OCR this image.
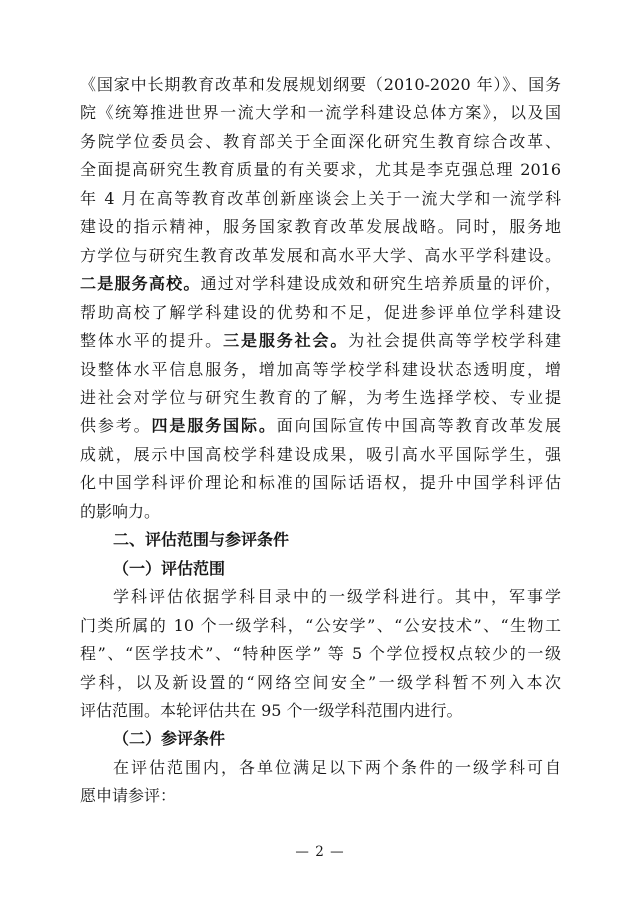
《国家中长期教育改革和发展规划纲要（2010-2020 年）》、国务
院《统筹推进世界一流大学和一流学科建设总体方案》，以及国
务院学位委员会、教育部关于全面深化研究生教育综合改革、
全面提高研究生教育质量的有关要求，尤其是李克强总理 2016
年 4 月在高等教育改革创新座谈会上关于一流大学和一流学科
建设的指示精神，服务国家教育改革发展战略。同时，服务地
方学位与研究生教育改革发展和高水平大学、高水平学科建设。
二是服务高校。通过对学科建设成效和研究生培养质量的评价，
帮助高校了解学科建设的优势和不足，促进参评单位学科建设
整体水平的提升。三是服务社会。为社会提供高等学校学科建
设整体水平信息服务，增加高等学校学科建设状态透明度，增
进社会对学位与研究生教育的了解，为考生选择学校、专业提
供参考。四是服务国际。面向国际宣传中国高等教育改革发展
成就，展示中国高校学科建设成果，吸引高水平国际学生，强
化中国学科评价理论和标准的国际话语权，提升中国学科评估
的影响力。
二、评估范围与参评条件
（一）评估范围
学科评估依据学科目录中的一级学科进行。其中，军事学
门类所属的 10 个一级学科，“公安学”、“公安技术”、“生物工
程”、“医学技术”、“特种医学” 等 5 个学位授权点较少的一级
学科，以及新设置的“网络空间安全”一级学科暂不列入本次
评估范围。本轮评估共在 95 个一级学科范围内进行。
（二）参评条件
在评估范围内，各单位满足以下两个条件的一级学科可自
愿申请参评：
— 2 —
